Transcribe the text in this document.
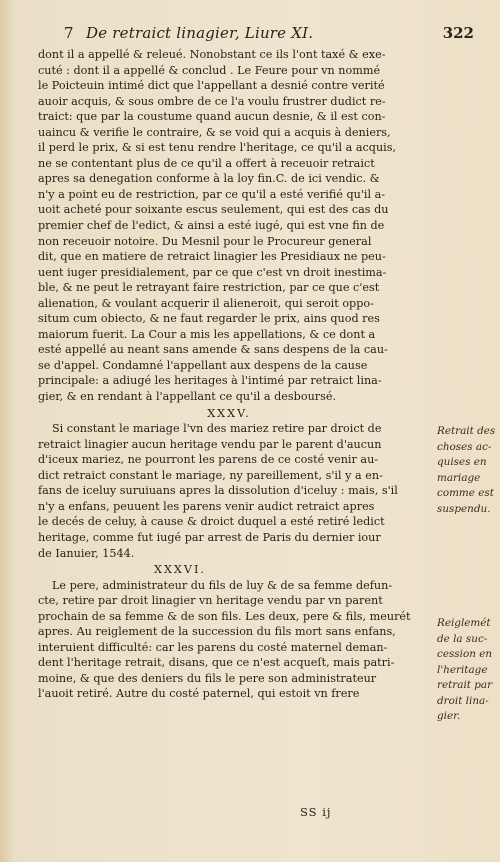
7 De retraict linagier, Liure XI.	322

dont il a appellé & releué. Nonobstant ce ils l'ont taxé & exe-

cuté : dont il a appellé & conclud . Le Feure pour vn nommé

le Poicteuin intimé dict que l'appellant a desnié contre verité

auoir acquis, & sous ombre de ce l'a voulu frustrer dudict re-

traict: que par la coustume quand aucun desnie, & il est con-

uaincu & verifie le contraire, & se void qui a acquis à deniers,

il perd le prix, & si est tenu rendre l'heritage, ce qu'il a acquis,

ne se contentant plus de ce qu'il a offert à receuoir retraict

apres sa denegation conforme à la loy fin.C. de ici vendic. &

n'y a point eu de restriction, par ce qu'il a esté verifié qu'il a-

uoit acheté pour soixante escus seulement, qui est des cas du

premier chef de l'edict, & ainsi a esté iugé, qui est vne fin de

non receuoir notoire. Du Mesnil pour le Procureur general

dit, que en matiere de retraict linagier les Presidiaux ne peu-

uent iuger presidialement, par ce que c'est vn droit inestima-

ble, & ne peut le retrayant faire restriction, par ce que c'est

alienation, & voulant acquerir il alieneroit, qui seroit oppo-

situm cum obiecto, & ne faut regarder le prix, ains quod res

maiorum fuerit. La Cour a mis les appellations, & ce dont a

esté appellé au neant sans amende & sans despens de la cau-

se d'appel. Condamné l'appellant aux despens de la cause

principale: a adiugé les heritages à l'intimé par retraict lina-

gier, & en rendant à l'appellant ce qu'il a desboursé.

XXXV.

Si constant le mariage l'vn des mariez retire par droict de

retraict linagier aucun heritage vendu par le parent d'aucun

d'iceux mariez, ne pourront les parens de ce costé venir au-

dict retraict constant le mariage, ny pareillement, s'il y a en-

fans de iceluy suruiuans apres la dissolution d'iceluy : mais, s'il

n'y a enfans, peuuent les parens venir audict retraict apres

le decés de celuy, à cause & droict duquel a esté retiré ledict

heritage, comme fut iugé par arrest de Paris du dernier iour

de Ianuier, 1544.

XXXVI.

Le pere, administrateur du fils de luy & de sa femme defun-

cte, retire par droit linagier vn heritage vendu par vn parent

prochain de sa femme & de son fils. Les deux, pere & fils, meurét

apres. Au reiglement de la succession du fils mort sans enfans,

interuient difficulté: car les parens du costé maternel deman-

dent l'heritage retrait, disans, que ce n'est acqueſt, mais patri-

moine, & que des deniers du fils le pere son administrateur

l'auoit retiré. Autre du costé paternel, qui estoit vn frere

Retrait des
choses ac-
quises en
mariage
comme est
suspendu.
Reiglemét
de la suc-
cession en
l'heritage
retrait par
droit lina-
gier.
SS ij
